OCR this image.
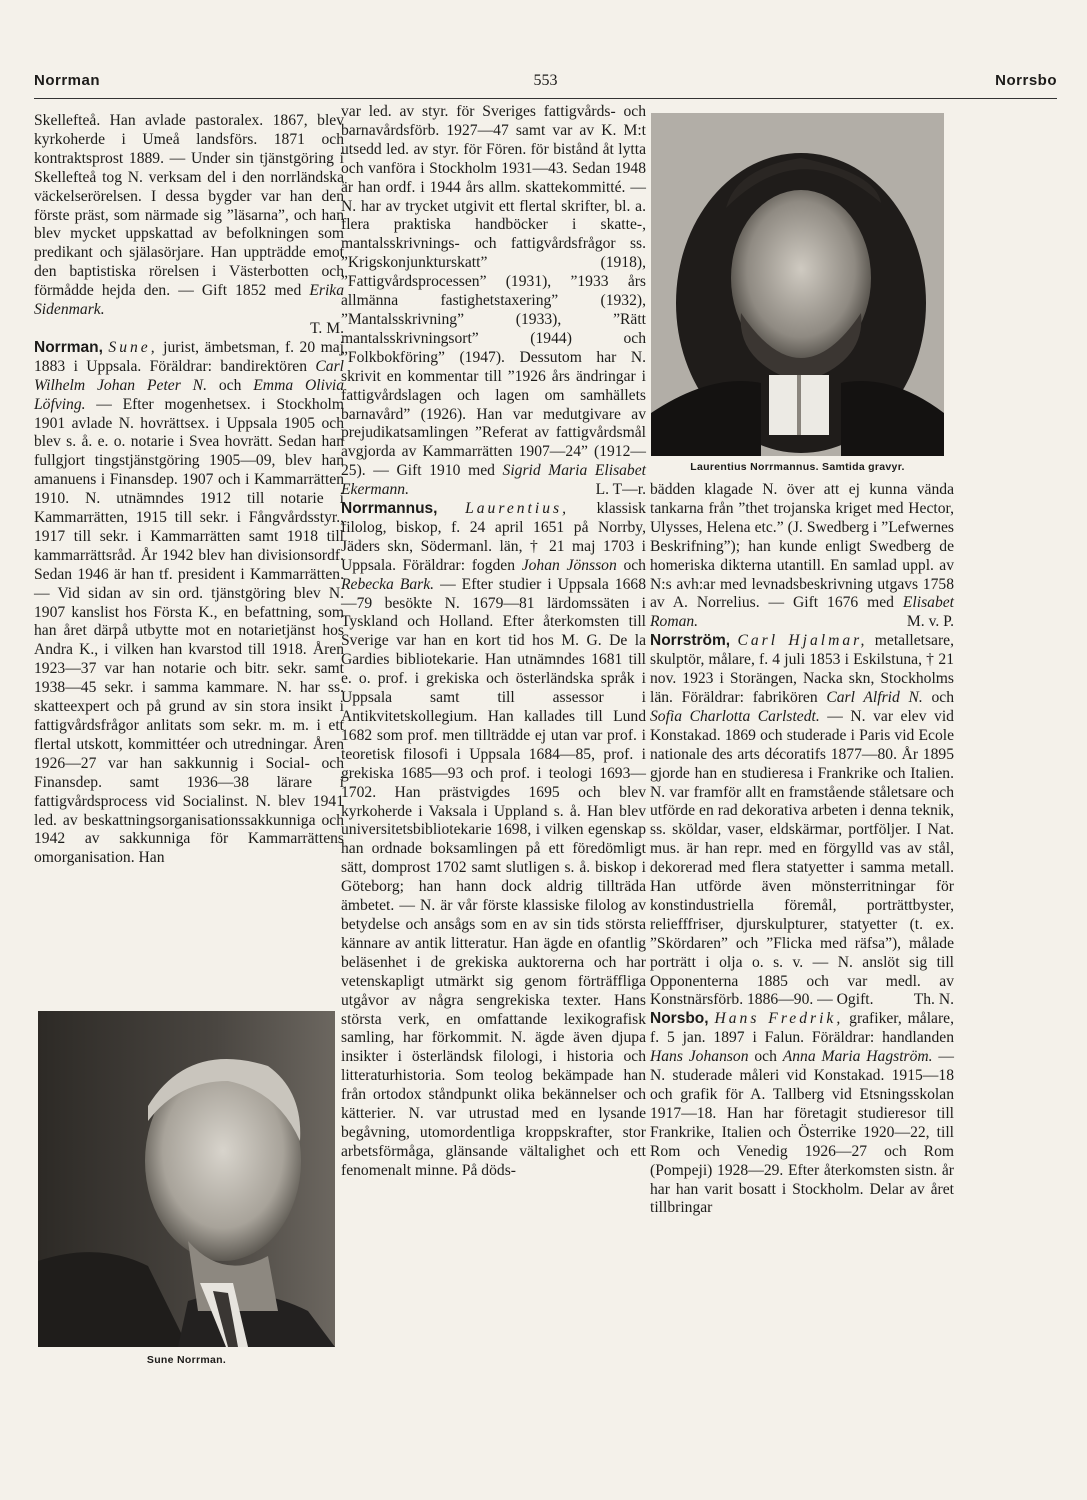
Norrman	553	Norrsbo

Skellefteå. Han avlade pastoralex. 1867, blev kyrkoherde i Umeå landsförs. 1871 och kontraktsprost 1889. — Under sin tjänstgöring i Skellefteå tog N. verksam del i den norrländska väckelserörelsen. I dessa bygder var han den förste präst, som närmade sig ”läsarna”, och han blev mycket uppskattad av befolkningen som predikant och själasörjare. Han uppträdde emot den baptistiska rörelsen i Västerbotten och förmådde hejda den. — Gift 1852 med Erika Sidenmark.

T. M.

Norrman, Sune, jurist, ämbetsman, f. 20 maj 1883 i Uppsala. Föräldrar: bandirektören Carl Wilhelm Johan Peter N. och Emma Olivia Löfving. — Efter mogenhetsex. i Stockholm 1901 avlade N. hovrättsex. i Uppsala 1905 och blev s. å. e. o. notarie i Svea hovrätt. Sedan han fullgjort tingstjänstgöring 1905—09, blev han amanuens i Finansdep. 1907 och i Kammarrätten 1910. N. utnämndes 1912 till notarie i Kammarrätten, 1915 till sekr. i Fångvårdsstyr., 1917 till sekr. i Kammarrätten samt 1918 till kammarrättsråd. År 1942 blev han divisionsordf. Sedan 1946 är han tf. president i Kammarrätten. — Vid sidan av sin ord. tjänstgöring blev N. 1907 kanslist hos Första K., en befattning, som han året därpå utbytte mot en notarietjänst hos Andra K., i vilken han kvarstod till 1918. Åren 1923—37 var han notarie och bitr. sekr. samt 1938—45 sekr. i samma kammare. N. har ss. skatteexpert och på grund av sin stora insikt i fattigvårdsfrågor anlitats som sekr. m. m. i ett flertal utskott, kommittéer och utredningar. Åren 1926—27 var han sakkunnig i Social- och Finansdep. samt 1936—38 lärare i fattigvårdsprocess vid Socialinst. N. blev 1941 led. av beskattningsorganisationssakkunniga och 1942 av sakkunniga för Kammarrättens omorganisation. Han

Sune Norrman.

var led. av styr. för Sveriges fattigvårds- och barnavårdsförb. 1927—47 samt var av K. M:t utsedd led. av styr. för Fören. för bistånd åt lytta och vanföra i Stockholm 1931—43. Sedan 1948 är han ordf. i 1944 års allm. skattekommitté. — N. har av trycket utgivit ett flertal skrifter, bl. a. flera praktiska handböcker i skatte-, mantalsskrivnings- och fattigvårdsfrågor ss. ”Krigskonjunkturskatt” (1918), ”Fattigvårdsprocessen” (1931), ”1933 års allmänna fastighetstaxering” (1932), ”Mantalsskrivning” (1933), ”Rätt mantalsskrivningsort” (1944) och ”Folkbokföring” (1947). Dessutom har N. skrivit en kommentar till ”1926 års ändringar i fattigvårdslagen och lagen om samhällets barnavård” (1926). Han var medutgivare av prejudikatsamlingen ”Referat av fattigvårdsmål avgjorda av Kammarrätten 1907—24” (1912—25). — Gift 1910 med Sigrid Maria Elisabet Ekermann.	L. T—r.

Norrmannus, Laurentius, klassisk filolog, biskop, f. 24 april 1651 på Norrby, Jäders skn, Södermanl. län, † 21 maj 1703 i Uppsala. Föräldrar: fogden Johan Jönsson och Rebecka Bark. — Efter studier i Uppsala 1668—79 besökte N. 1679—81 lärdomssäten i Tyskland och Holland. Efter återkomsten till Sverige var han en kort tid hos M. G. De la Gardies bibliotekarie. Han utnämndes 1681 till e. o. prof. i grekiska och österländska språk i Uppsala samt till assessor i Antikvitetskollegium. Han kallades till Lund 1682 som prof. men tillträdde ej utan var prof. i teoretisk filosofi i Uppsala 1684—85, prof. i grekiska 1685—93 och prof. i teologi 1693—1702. Han prästvigdes 1695 och blev kyrkoherde i Vaksala i Uppland s. å. Han blev universitetsbibliotekarie 1698, i vilken egenskap han ordnade boksamlingen på ett föredömligt sätt, domprost 1702 samt slutligen s. å. biskop i Göteborg; han hann dock aldrig tillträda ämbetet. — N. är vår förste klassiske filolog av betydelse och ansågs som en av sin tids största kännare av antik litteratur. Han ägde en ofantlig beläsenhet i de grekiska auktorerna och har vetenskapligt utmärkt sig genom förträffliga utgåvor av några sengrekiska texter. Hans största verk, en omfattande lexikografisk samling, har förkommit. N. ägde även djupa insikter i österländsk filologi, i historia och litteraturhistoria. Som teolog bekämpade han från ortodox ståndpunkt olika bekännelser och kätterier. N. var utrustad med en lysande begåvning, utomordentliga kroppskrafter, stor arbetsförmåga, glänsande vältalighet och ett fenomenalt minne. På döds-

Laurentius Norrmannus. Samtida gravyr.

bädden klagade N. över att ej kunna vända tankarna från ”thet trojanska kriget med Hector, Ulysses, Helena etc.” (J. Swedberg i ”Lefwernes Beskrifning”); han kunde enligt Swedberg de homeriska dikterna utantill. En samlad uppl. av N:s avh:ar med levnadsbeskrivning utgavs 1758 av A. Norrelius. — Gift 1676 med Elisabet Roman.	M. v. P.

Norrström, Carl Hjalmar, metalletsare, skulptör, målare, f. 4 juli 1853 i Eskilstuna, † 21 nov. 1923 i Storängen, Nacka skn, Stockholms län. Föräldrar: fabrikören Carl Alfrid N. och Sofia Charlotta Carlstedt. — N. var elev vid Konstakad. 1869 och studerade i Paris vid Ecole nationale des arts décoratifs 1877—80. År 1895 gjorde han en studieresa i Frankrike och Italien. N. var framför allt en framstående ståletsare och utförde en rad dekorativa arbeten i denna teknik, ss. sköldar, vaser, eldskärmar, portföljer. I Nat. mus. är han repr. med en förgylld vas av stål, dekorerad med flera statyetter i samma metall. Han utförde även mönsterritningar för konstindustriella föremål, porträttbyster, reliefffriser, djurskulpturer, statyetter (t. ex. ”Skördaren” och ”Flicka med räfsa”), målade porträtt i olja o. s. v. — N. anslöt sig till Opponenterna 1885 och var medl. av Konstnärsförb. 1886—90. — Ogift.	Th. N.

Norsbo, Hans Fredrik, grafiker, målare, f. 5 jan. 1897 i Falun. Föräldrar: handlanden Hans Johanson och Anna Maria Hagström. — N. studerade måleri vid Konstakad. 1915—18 och grafik för A. Tallberg vid Etsningsskolan 1917—18. Han har företagit studieresor till Frankrike, Italien och Österrike 1920—22, till Rom och Venedig 1926—27 och Rom (Pompeji) 1928—29. Efter återkomsten sistn. år har han varit bosatt i Stockholm. Delar av året tillbringar
